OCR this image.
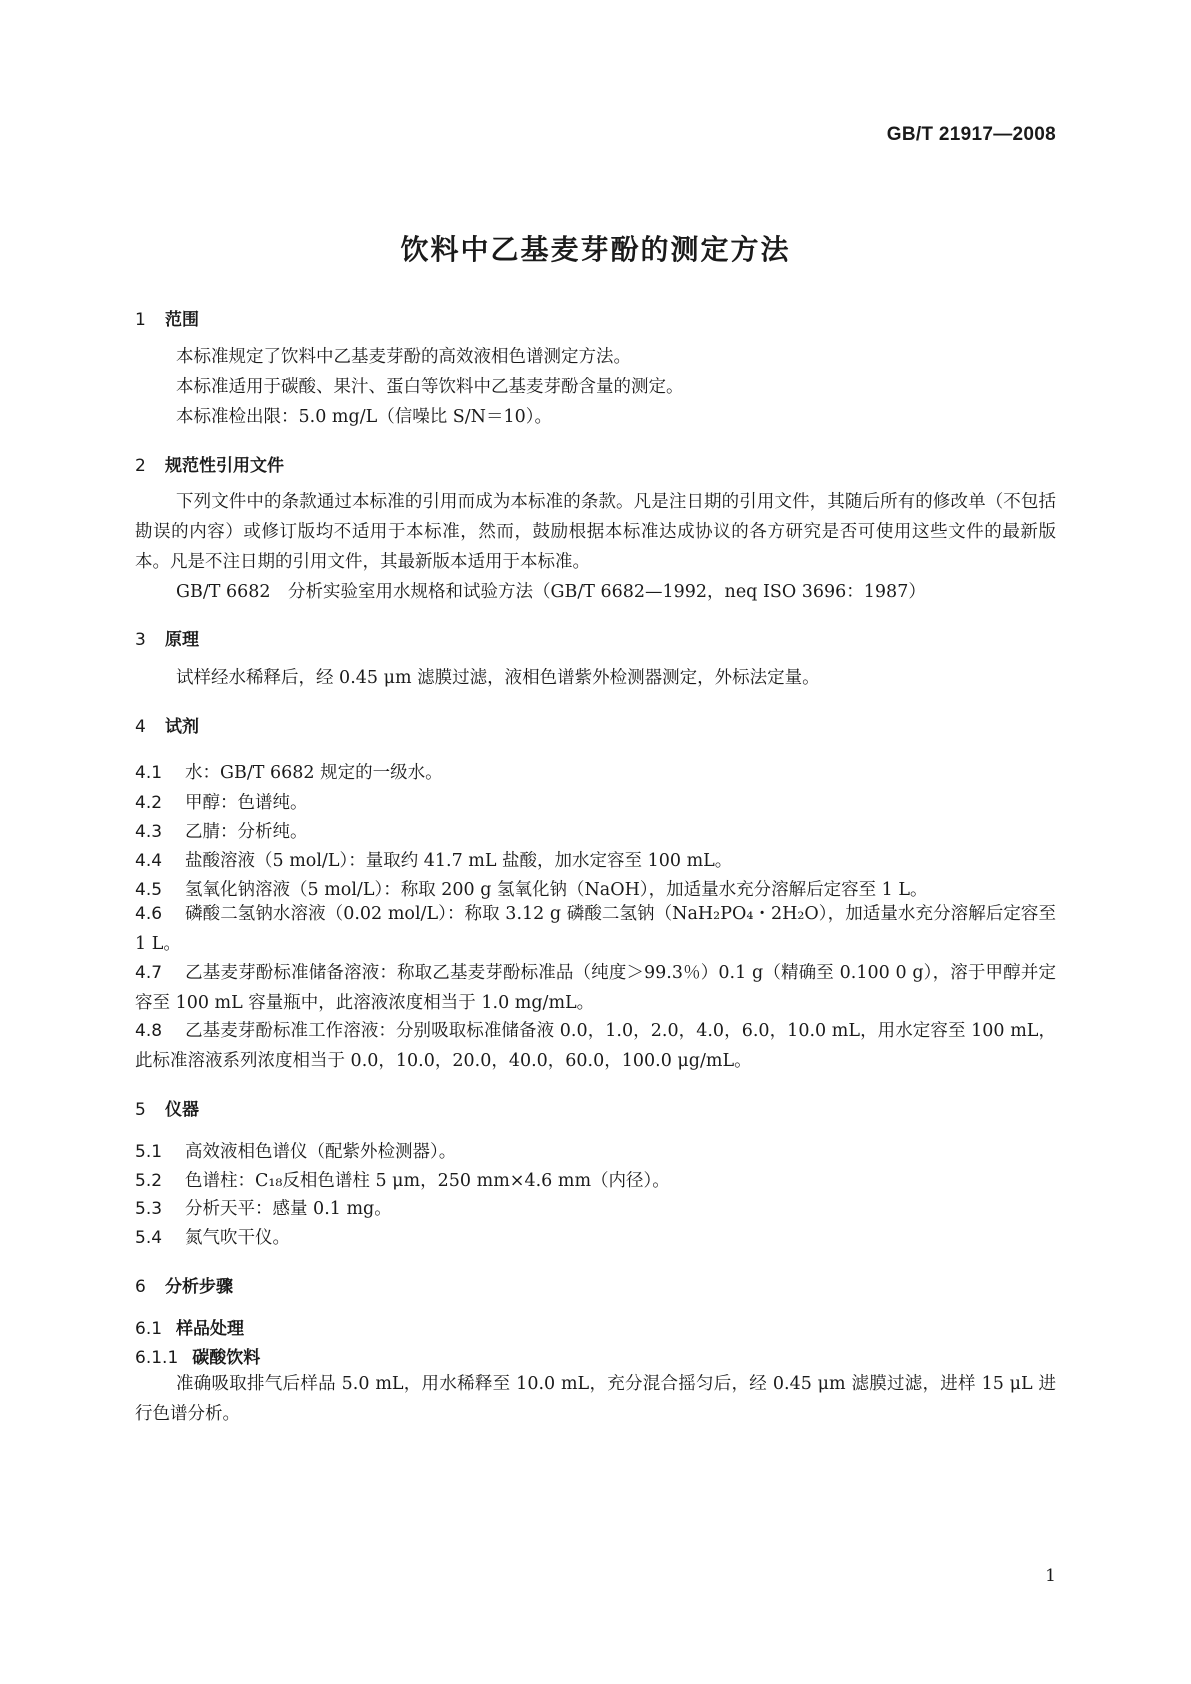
GB/T 21917—2008
饮料中乙基麦芽酚的测定方法
1 范围
本标准规定了饮料中乙基麦芽酚的高效液相色谱测定方法。
本标准适用于碳酸、果汁、蛋白等饮料中乙基麦芽酚含量的测定。
本标准检出限：5.0 mg/L（信噪比 S/N＝10）。
2 规范性引用文件
下列文件中的条款通过本标准的引用而成为本标准的条款。凡是注日期的引用文件，其随后所有的修改单（不包括勘误的内容）或修订版均不适用于本标准，然而，鼓励根据本标准达成协议的各方研究是否可使用这些文件的最新版本。凡是不注日期的引用文件，其最新版本适用于本标准。
GB/T 6682　分析实验室用水规格和试验方法（GB/T 6682—1992，neq ISO 3696：1987）
3 原理
试样经水稀释后，经 0.45 μm 滤膜过滤，液相色谱紫外检测器测定，外标法定量。
4 试剂
4.1 水：GB/T 6682 规定的一级水。
4.2 甲醇：色谱纯。
4.3 乙腈：分析纯。
4.4 盐酸溶液（5 mol/L）：量取约 41.7 mL 盐酸，加水定容至 100 mL。
4.5 氢氧化钠溶液（5 mol/L）：称取 200 g 氢氧化钠（NaOH），加适量水充分溶解后定容至 1 L。
4.6 磷酸二氢钠水溶液（0.02 mol/L）：称取 3.12 g 磷酸二氢钠（NaH₂PO₄・2H₂O），加适量水充分溶解后定容至 1 L。
4.7 乙基麦芽酚标准储备溶液：称取乙基麦芽酚标准品（纯度＞99.3％）0.1 g（精确至 0.100 0 g），溶于甲醇并定容至 100 mL 容量瓶中，此溶液浓度相当于 1.0 mg/mL。
4.8 乙基麦芽酚标准工作溶液：分别吸取标准储备液 0.0，1.0，2.0，4.0，6.0，10.0 mL，用水定容至 100 mL，此标准溶液系列浓度相当于 0.0，10.0，20.0，40.0，60.0，100.0 μg/mL。
5 仪器
5.1 高效液相色谱仪（配紫外检测器）。
5.2 色谱柱：C₁₈反相色谱柱 5 μm，250 mm×4.6 mm（内径）。
5.3 分析天平：感量 0.1 mg。
5.4 氮气吹干仪。
6 分析步骤
6.1 样品处理
6.1.1 碳酸饮料
准确吸取排气后样品 5.0 mL，用水稀释至 10.0 mL，充分混合摇匀后，经 0.45 μm 滤膜过滤，进样 15 μL 进行色谱分析。
1
